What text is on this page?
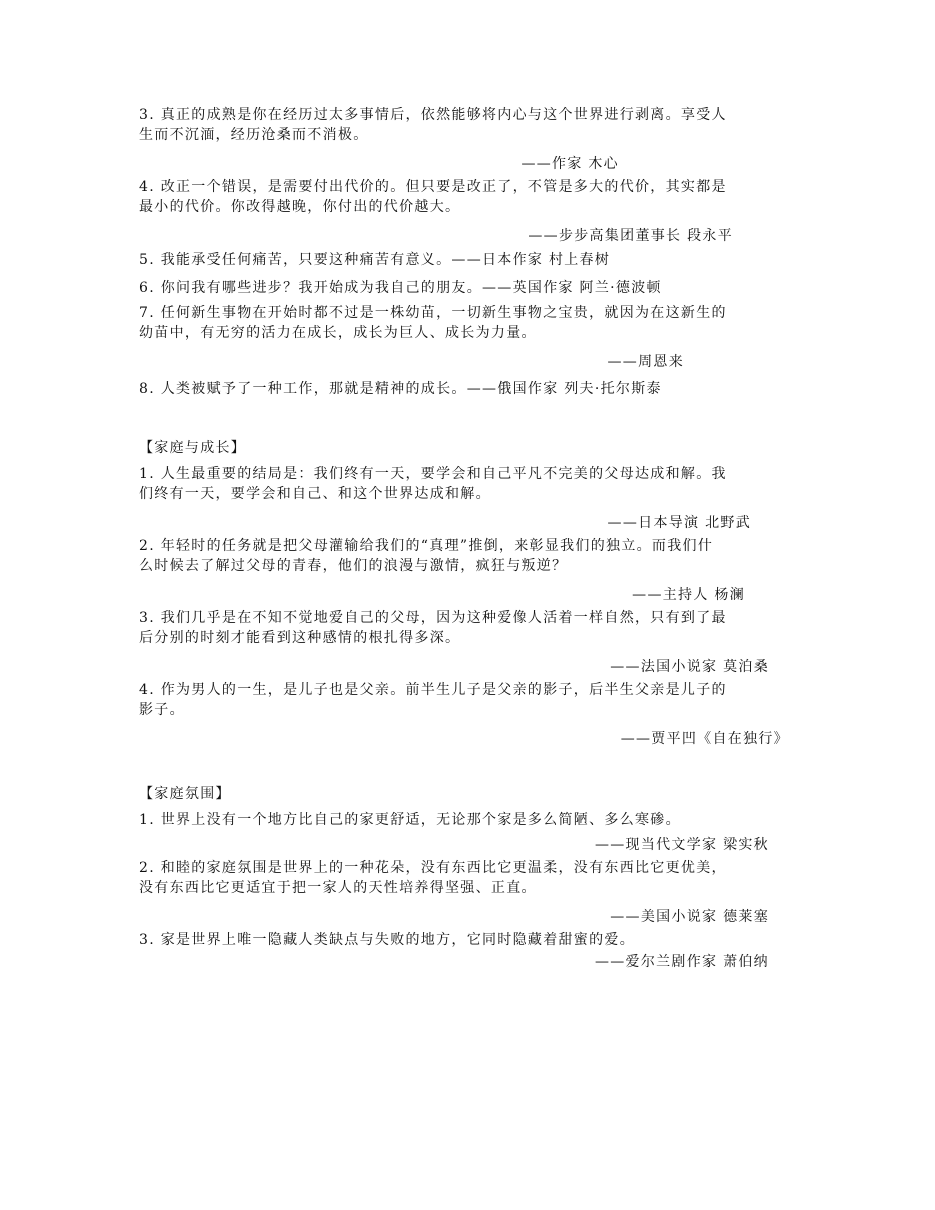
3. 真正的成熟是你在经历过太多事情后，依然能够将内心与这个世界进行剥离。享受人
生而不沉湎，经历沧桑而不消极。
——作家 木心
4. 改正一个错误，是需要付出代价的。但只要是改正了，不管是多大的代价，其实都是
最小的代价。你改得越晚，你付出的代价越大。
——步步高集团董事长 段永平
5. 我能承受任何痛苦，只要这种痛苦有意义。——日本作家 村上春树
6. 你问我有哪些进步？我开始成为我自己的朋友。——英国作家 阿兰·德波顿
7. 任何新生事物在开始时都不过是一株幼苗，一切新生事物之宝贵，就因为在这新生的
幼苗中，有无穷的活力在成长，成长为巨人、成长为力量。
——周恩来
8. 人类被赋予了一种工作，那就是精神的成长。——俄国作家 列夫·托尔斯泰
【家庭与成长】
1. 人生最重要的结局是：我们终有一天，要学会和自己平凡不完美的父母达成和解。我
们终有一天，要学会和自己、和这个世界达成和解。
——日本导演 北野武
2. 年轻时的任务就是把父母灌输给我们的“真理”推倒，来彰显我们的独立。而我们什
么时候去了解过父母的青春，他们的浪漫与激情，疯狂与叛逆？
——主持人 杨澜
3. 我们几乎是在不知不觉地爱自己的父母，因为这种爱像人活着一样自然，只有到了最
后分别的时刻才能看到这种感情的根扎得多深。
——法国小说家 莫泊桑
4. 作为男人的一生，是儿子也是父亲。前半生儿子是父亲的影子，后半生父亲是儿子的
影子。
——贾平凹《自在独行》
【家庭氛围】
1. 世界上没有一个地方比自己的家更舒适，无论那个家是多么简陋、多么寒碜。
——现当代文学家 梁实秋
2. 和睦的家庭氛围是世界上的一种花朵，没有东西比它更温柔，没有东西比它更优美，
没有东西比它更适宜于把一家人的天性培养得坚强、正直。
——美国小说家 德莱塞
3. 家是世界上唯一隐藏人类缺点与失败的地方，它同时隐藏着甜蜜的爱。
——爱尔兰剧作家 萧伯纳
